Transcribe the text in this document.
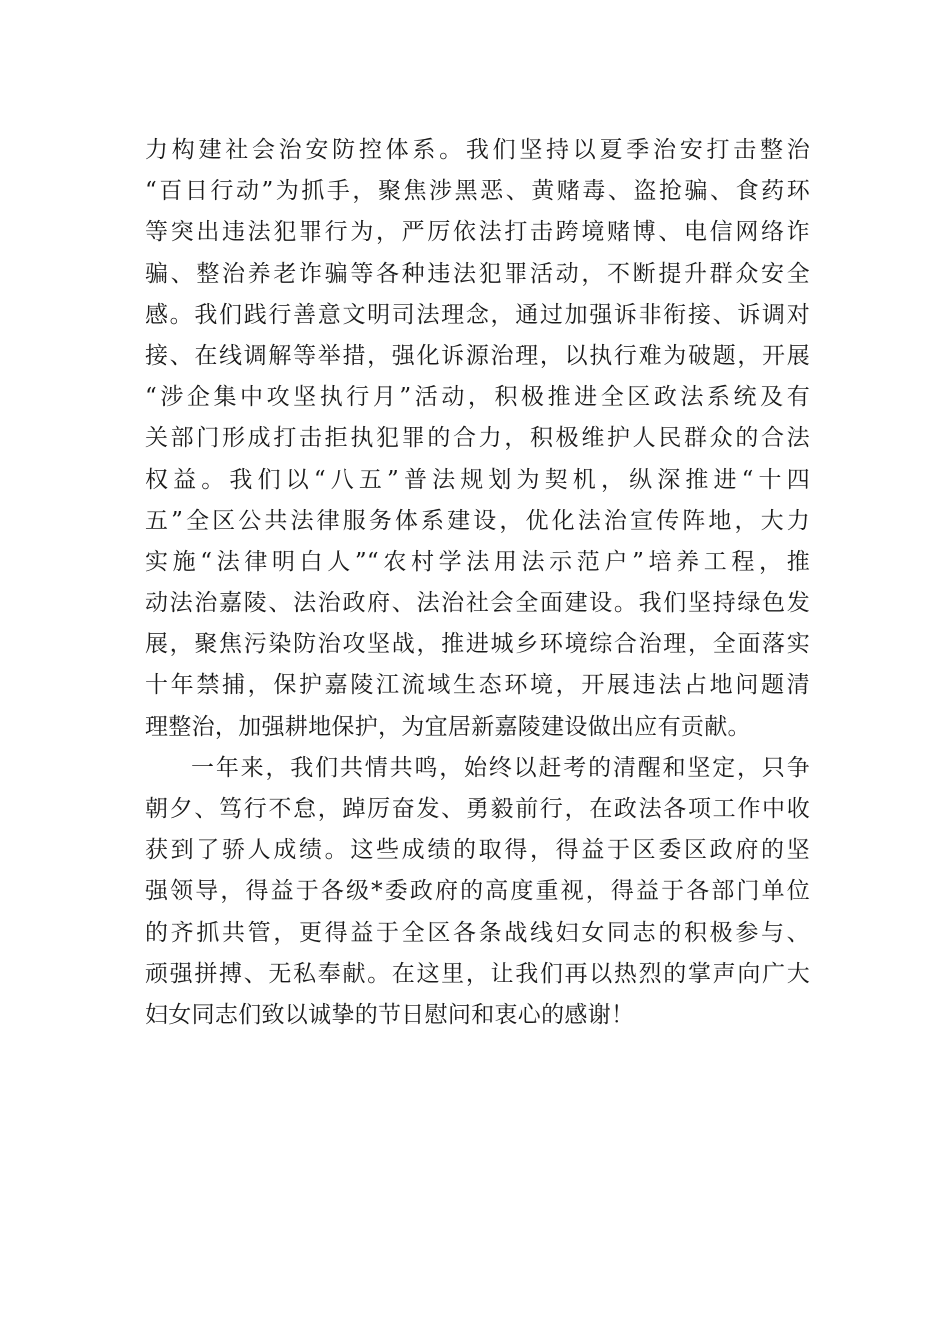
力构建社会治安防控体系。我们坚持以夏季治安打击整治
“百日行动”为抓手，聚焦涉黑恶、黄赌毒、盗抢骗、食药环
等突出违法犯罪行为，严厉依法打击跨境赌博、电信网络诈
骗、整治养老诈骗等各种违法犯罪活动，不断提升群众安全
感。我们践行善意文明司法理念，通过加强诉非衔接、诉调对
接、在线调解等举措，强化诉源治理，以执行难为破题，开展
“涉企集中攻坚执行月”活动，积极推进全区政法系统及有
关部门形成打击拒执犯罪的合力，积极维护人民群众的合法
权益。我们以“八五”普法规划为契机，纵深推进“十四
五”全区公共法律服务体系建设，优化法治宣传阵地，大力
实施“法律明白人”“农村学法用法示范户”培养工程，推
动法治嘉陵、法治政府、法治社会全面建设。我们坚持绿色发
展，聚焦污染防治攻坚战，推进城乡环境综合治理，全面落实
十年禁捕，保护嘉陵江流域生态环境，开展违法占地问题清
理整治，加强耕地保护，为宜居新嘉陵建设做出应有贡献。
一年来，我们共情共鸣，始终以赶考的清醒和坚定，只争
朝夕、笃行不怠，踔厉奋发、勇毅前行，在政法各项工作中收
获到了骄人成绩。这些成绩的取得，得益于区委区政府的坚
强领导，得益于各级*委政府的高度重视，得益于各部门单位
的齐抓共管，更得益于全区各条战线妇女同志的积极参与、
顽强拼搏、无私奉献。在这里，让我们再以热烈的掌声向广大
妇女同志们致以诚挚的节日慰问和衷心的感谢！
